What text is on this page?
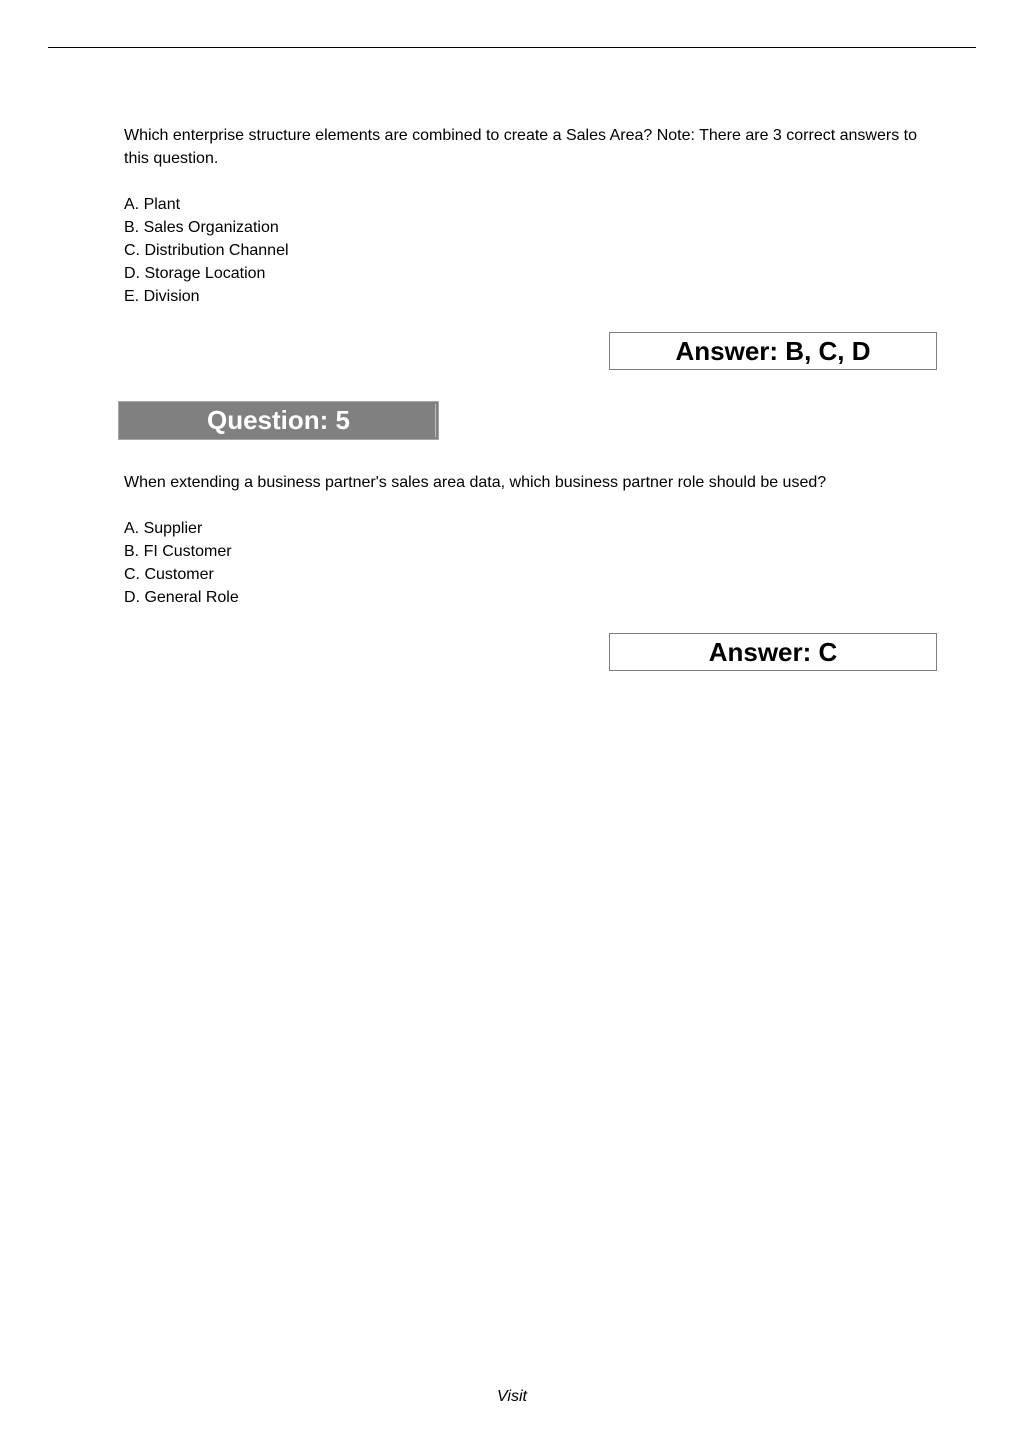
Which enterprise structure elements are combined to create a Sales Area? Note: There are 3 correct answers to this question.

A. Plant
B. Sales Organization
C. Distribution Channel
D. Storage Location
E. Division
Answer: B, C, D
Question: 5

When extending a business partner's sales area data, which business partner role should be used?

A. Supplier
B. FI Customer
C. Customer
D. General Role
Answer: C
Visit
